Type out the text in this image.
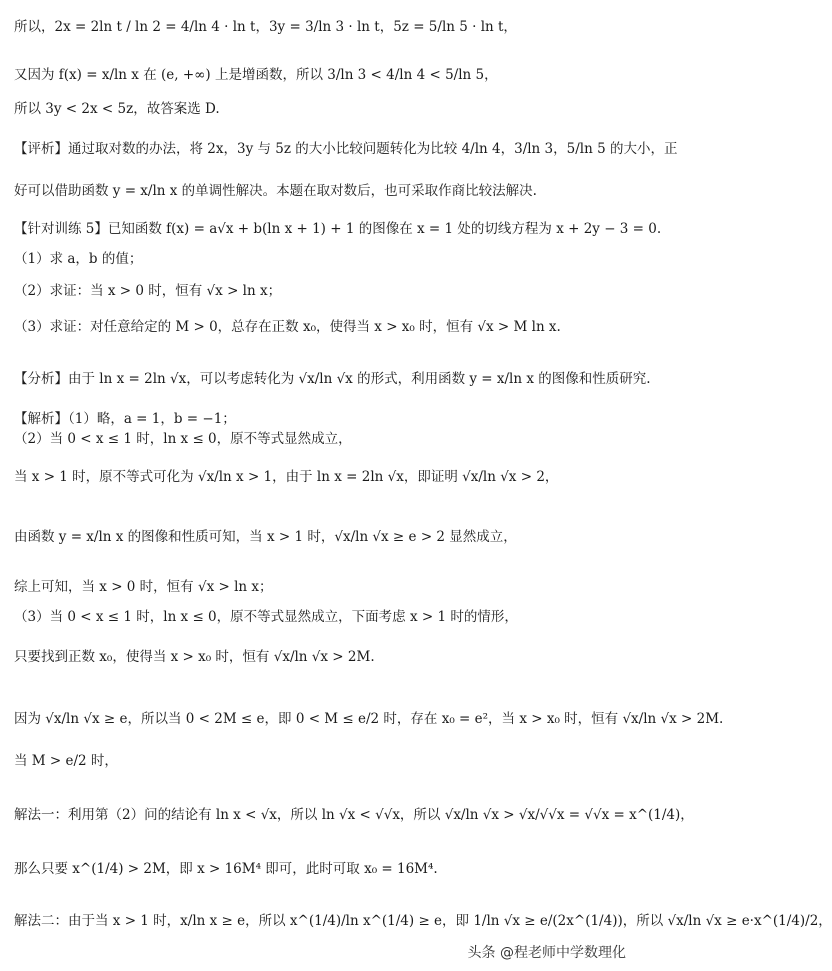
所以，2x = 2ln t / ln 2 = 4/ln 4 · ln t，3y = 3/ln 3 · ln t，5z = 5/ln 5 · ln t，
又因为 f(x) = x/ln x 在 (e, +∞) 上是增函数，所以 3/ln 3 < 4/ln 4 < 5/ln 5，
所以 3y < 2x < 5z，故答案选 D.
【评析】通过取对数的办法，将 2x，3y 与 5z 的大小比较问题转化为比较 4/ln 4，3/ln 3，5/ln 5 的大小，正
好可以借助函数 y = x/ln x 的单调性解决。本题在取对数后，也可采取作商比较法解决.
【针对训练 5】已知函数 f(x) = a√x + b(ln x + 1) + 1 的图像在 x = 1 处的切线方程为 x + 2y − 3 = 0.
（1）求 a，b 的值；
（2）求证：当 x > 0 时，恒有 √x > ln x；
（3）求证：对任意给定的 M > 0，总存在正数 x₀，使得当 x > x₀ 时，恒有 √x > M ln x.
【分析】由于 ln x = 2ln √x，可以考虑转化为 √x/ln √x 的形式，利用函数 y = x/ln x 的图像和性质研究.
【解析】（1）略，a = 1，b = −1；
（2）当 0 < x ≤ 1 时，ln x ≤ 0，原不等式显然成立，
当 x > 1 时，原不等式可化为 √x/ln x > 1，由于 ln x = 2ln √x，即证明 √x/ln √x > 2，
由函数 y = x/ln x 的图像和性质可知，当 x > 1 时，√x/ln √x ≥ e > 2 显然成立，
综上可知，当 x > 0 时，恒有 √x > ln x；
（3）当 0 < x ≤ 1 时，ln x ≤ 0，原不等式显然成立，下面考虑 x > 1 时的情形，
只要找到正数 x₀，使得当 x > x₀ 时，恒有 √x/ln √x > 2M.
因为 √x/ln √x ≥ e，所以当 0 < 2M ≤ e，即 0 < M ≤ e/2 时，存在 x₀ = e²，当 x > x₀ 时，恒有 √x/ln √x > 2M.
当 M > e/2 时，
解法一：利用第（2）问的结论有 ln x < √x，所以 ln √x < √√x，所以 √x/ln √x > √x/√√x = √√x = x^(1/4)，
那么只要 x^(1/4) > 2M，即 x > 16M⁴ 即可，此时可取 x₀ = 16M⁴.
解法二：由于当 x > 1 时，x/ln x ≥ e，所以 x^(1/4)/ln x^(1/4) ≥ e，即 1/ln √x ≥ e/(2x^(1/4))，所以 √x/ln √x ≥ e·x^(1/4)/2，
头条 @程老师中学数理化
